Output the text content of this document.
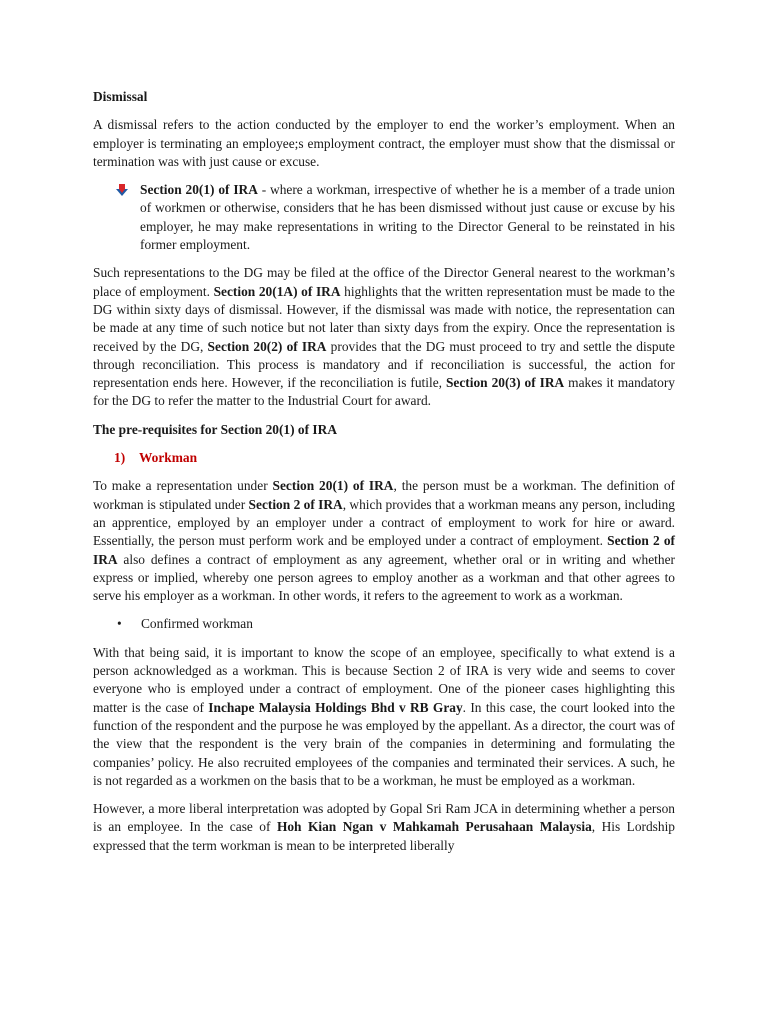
Dismissal

A dismissal refers to the action conducted by the employer to end the worker’s employment. When an employer is terminating an employee;s employment contract, the employer must show that the dismissal or termination was with just cause or excuse.

Section 20(1) of IRA - where a workman, irrespective of whether he is a member of a trade union of workmen or otherwise, considers that he has been dismissed without just cause or excuse by his employer, he may make representations in writing to the Director General to be reinstated in his former employment.

Such representations to the DG may be filed at the office of the Director General nearest to the workman’s place of employment. Section 20(1A) of IRA highlights that the written representation must be made to the DG within sixty days of dismissal. However, if the dismissal was made with notice, the representation can be made at any time of such notice but not later than sixty days from the expiry. Once the representation is received by the DG, Section 20(2) of IRA provides that the DG must proceed to try and settle the dispute through reconciliation. This process is mandatory and if reconciliation is successful, the action for representation ends here. However, if the reconciliation is futile, Section 20(3) of IRA makes it mandatory for the DG to refer the matter to the Industrial Court for award.

The pre-requisites for Section 20(1) of IRA

1) Workman

To make a representation under Section 20(1) of IRA, the person must be a workman. The definition of workman is stipulated under Section 2 of IRA, which provides that a workman means any person, including an apprentice, employed by an employer under a contract of employment to work for hire or award. Essentially, the person must perform work and be employed under a contract of employment. Section 2 of IRA also defines a contract of employment as any agreement, whether oral or in writing and whether express or implied, whereby one person agrees to employ another as a workman and that other agrees to serve his employer as a workman. In other words, it refers to the agreement to work as a workman.

• Confirmed workman

With that being said, it is important to know the scope of an employee, specifically to what extend is a person acknowledged as a workman. This is because Section 2 of IRA is very wide and seems to cover everyone who is employed under a contract of employment. One of the pioneer cases highlighting this matter is the case of Inchape Malaysia Holdings Bhd v RB Gray. In this case, the court looked into the function of the respondent and the purpose he was employed by the appellant. As a director, the court was of the view that the respondent is the very brain of the companies in determining and formulating the companies’ policy. He also recruited employees of the companies and terminated their services. A such, he is not regarded as a workmen on the basis that to be a workman, he must be employed as a workman.

However, a more liberal interpretation was adopted by Gopal Sri Ram JCA in determining whether a person is an employee. In the case of Hoh Kian Ngan v Mahkamah Perusahaan Malaysia, His Lordship expressed that the term workman is mean to be interpreted liberally
